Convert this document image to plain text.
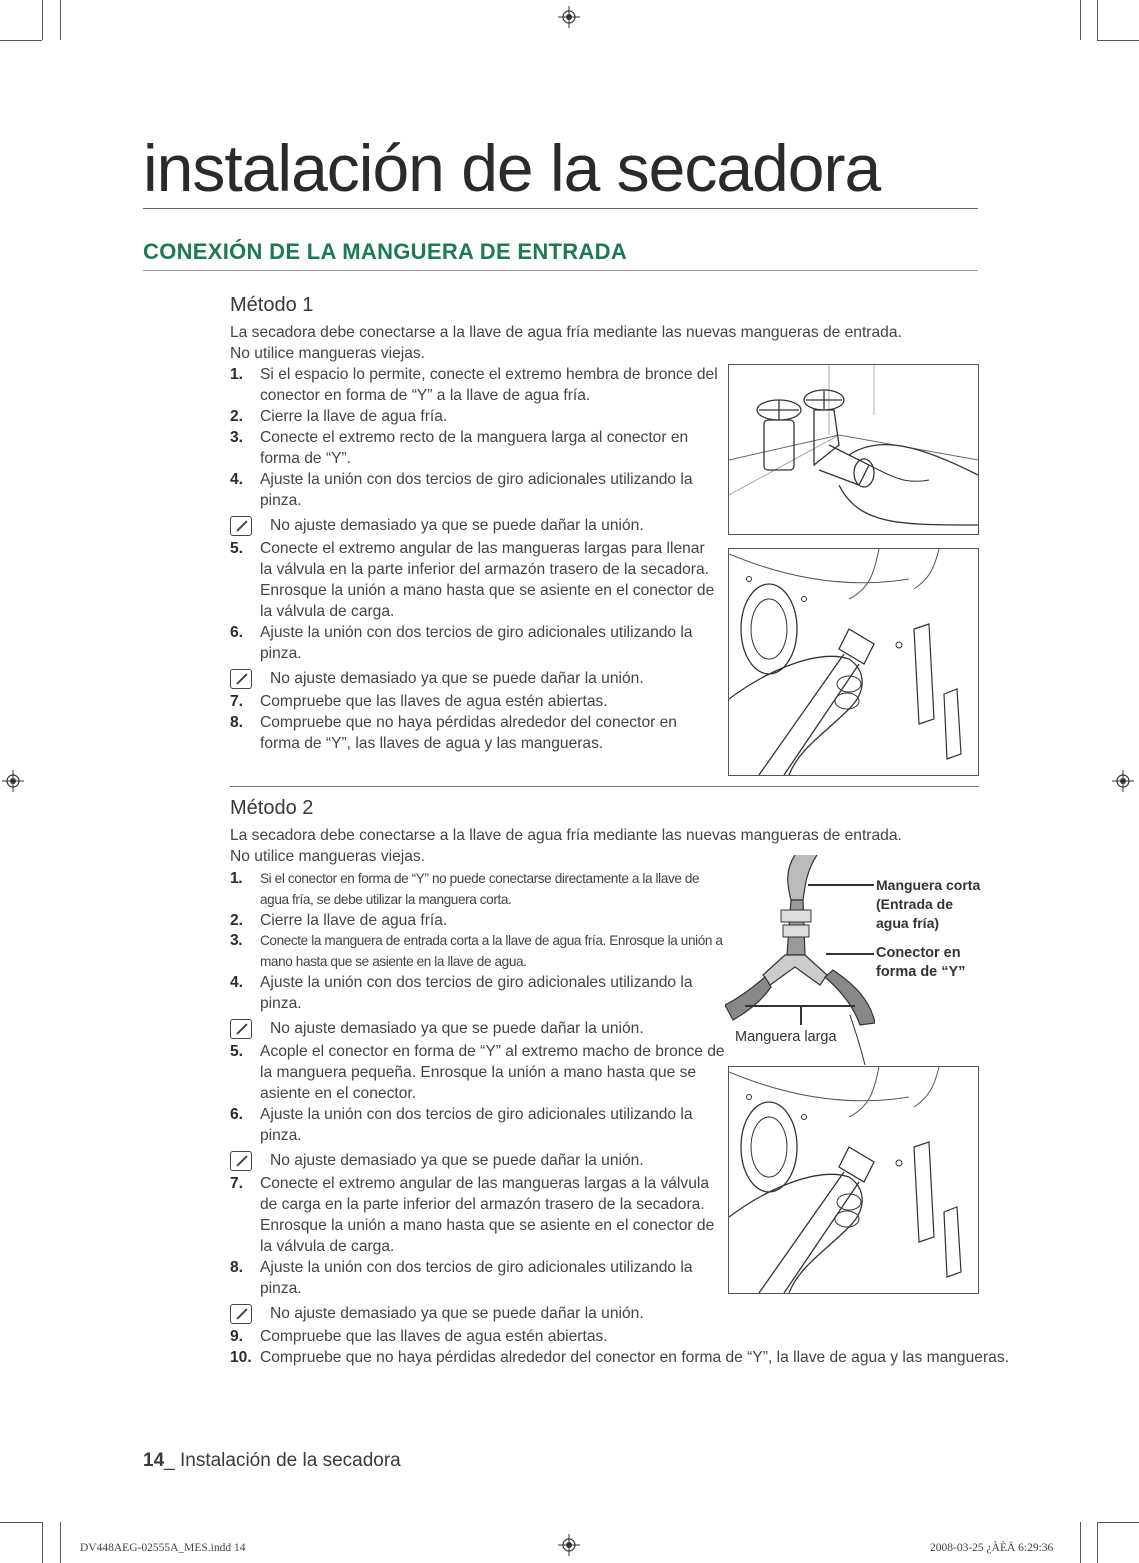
instalación de la secadora
CONEXIÓN DE LA MANGUERA DE ENTRADA
Método 1
La secadora debe conectarse a la llave de agua fría mediante las nuevas mangueras de entrada.
No utilice mangueras viejas.
1. Si el espacio lo permite, conecte el extremo hembra de bronce del conector en forma de “Y” a la llave de agua fría.
2. Cierre la llave de agua fría.
3. Conecte el extremo recto de la manguera larga al conector en forma de “Y”.
4. Ajuste la unión con dos tercios de giro adicionales utilizando la pinza.
No ajuste demasiado ya que se puede dañar la unión.
5. Conecte el extremo angular de las mangueras largas para llenar la válvula en la parte inferior del armazón trasero de la secadora. Enrosque la unión a mano hasta que se asiente en el conector de la válvula de carga.
6. Ajuste la unión con dos tercios de giro adicionales utilizando la pinza.
No ajuste demasiado ya que se puede dañar la unión.
7. Compruebe que las llaves de agua estén abiertas.
8. Compruebe que no haya pérdidas alrededor del conector en forma de “Y”, las llaves de agua y las mangueras.
Método 2
La secadora debe conectarse a la llave de agua fría mediante las nuevas mangueras de entrada.
No utilice mangueras viejas.
1. Si el conector en forma de “Y” no puede conectarse directamente a la llave de agua fría, se debe utilizar la manguera corta.
2. Cierre la llave de agua fría.
3. Conecte la manguera de entrada corta a la llave de agua fría. Enrosque la unión a mano hasta que se asiente en la llave de agua.
4. Ajuste la unión con dos tercios de giro adicionales utilizando la pinza.
No ajuste demasiado ya que se puede dañar la unión.
5. Acople el conector en forma de “Y” al extremo macho de bronce de la manguera pequeña. Enrosque la unión a mano hasta que se asiente en el conector.
6. Ajuste la unión con dos tercios de giro adicionales utilizando la pinza.
No ajuste demasiado ya que se puede dañar la unión.
7. Conecte el extremo angular de las mangueras largas a la válvula de carga en la parte inferior del armazón trasero de la secadora. Enrosque la unión a mano hasta que se asiente en el conector de la válvula de carga.
8. Ajuste la unión con dos tercios de giro adicionales utilizando la pinza.
No ajuste demasiado ya que se puede dañar la unión.
9. Compruebe que las llaves de agua estén abiertas.
10. Compruebe que no haya pérdidas alrededor del conector en forma de “Y”, la llave de agua y las mangueras.
Manguera corta
(Entrada de
agua fría)
Conector en
forma de “Y”
Manguera larga
14_ Instalación de la secadora
DV448AEG-02555A_MES.indd 14	2008-03-25 ¿ÀÈÄ 6:29:36
